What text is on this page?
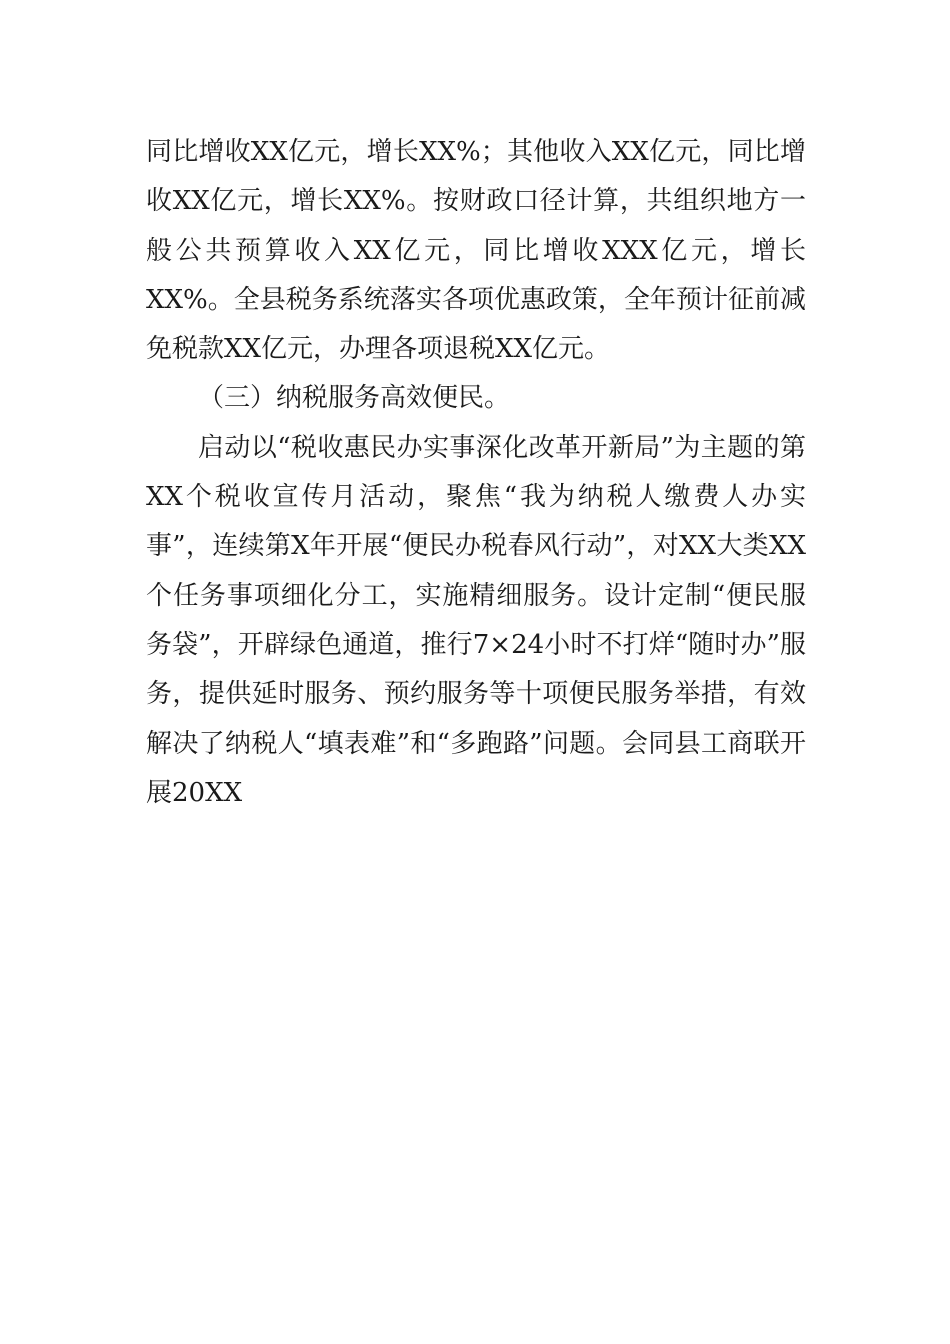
同比增收XX亿元，增长XX%；其他收入XX亿元，同比增收XX亿元，增长XX%。按财政口径计算，共组织地方一般公共预算收入XX亿元，同比增收XXX亿元，增长XX%。全县税务系统落实各项优惠政策，全年预计征前减免税款XX亿元，办理各项退税XX亿元。

（三）纳税服务高效便民。

启动以“税收惠民办实事深化改革开新局”为主题的第XX个税收宣传月活动，聚焦“我为纳税人缴费人办实事”，连续第X年开展“便民办税春风行动”，对XX大类XX个任务事项细化分工，实施精细服务。设计定制“便民服务袋”，开辟绿色通道，推行7×24小时不打烊“随时办”服务，提供延时服务、预约服务等十项便民服务举措，有效解决了纳税人“填表难”和“多跑路”问题。会同县工商联开展20XX
